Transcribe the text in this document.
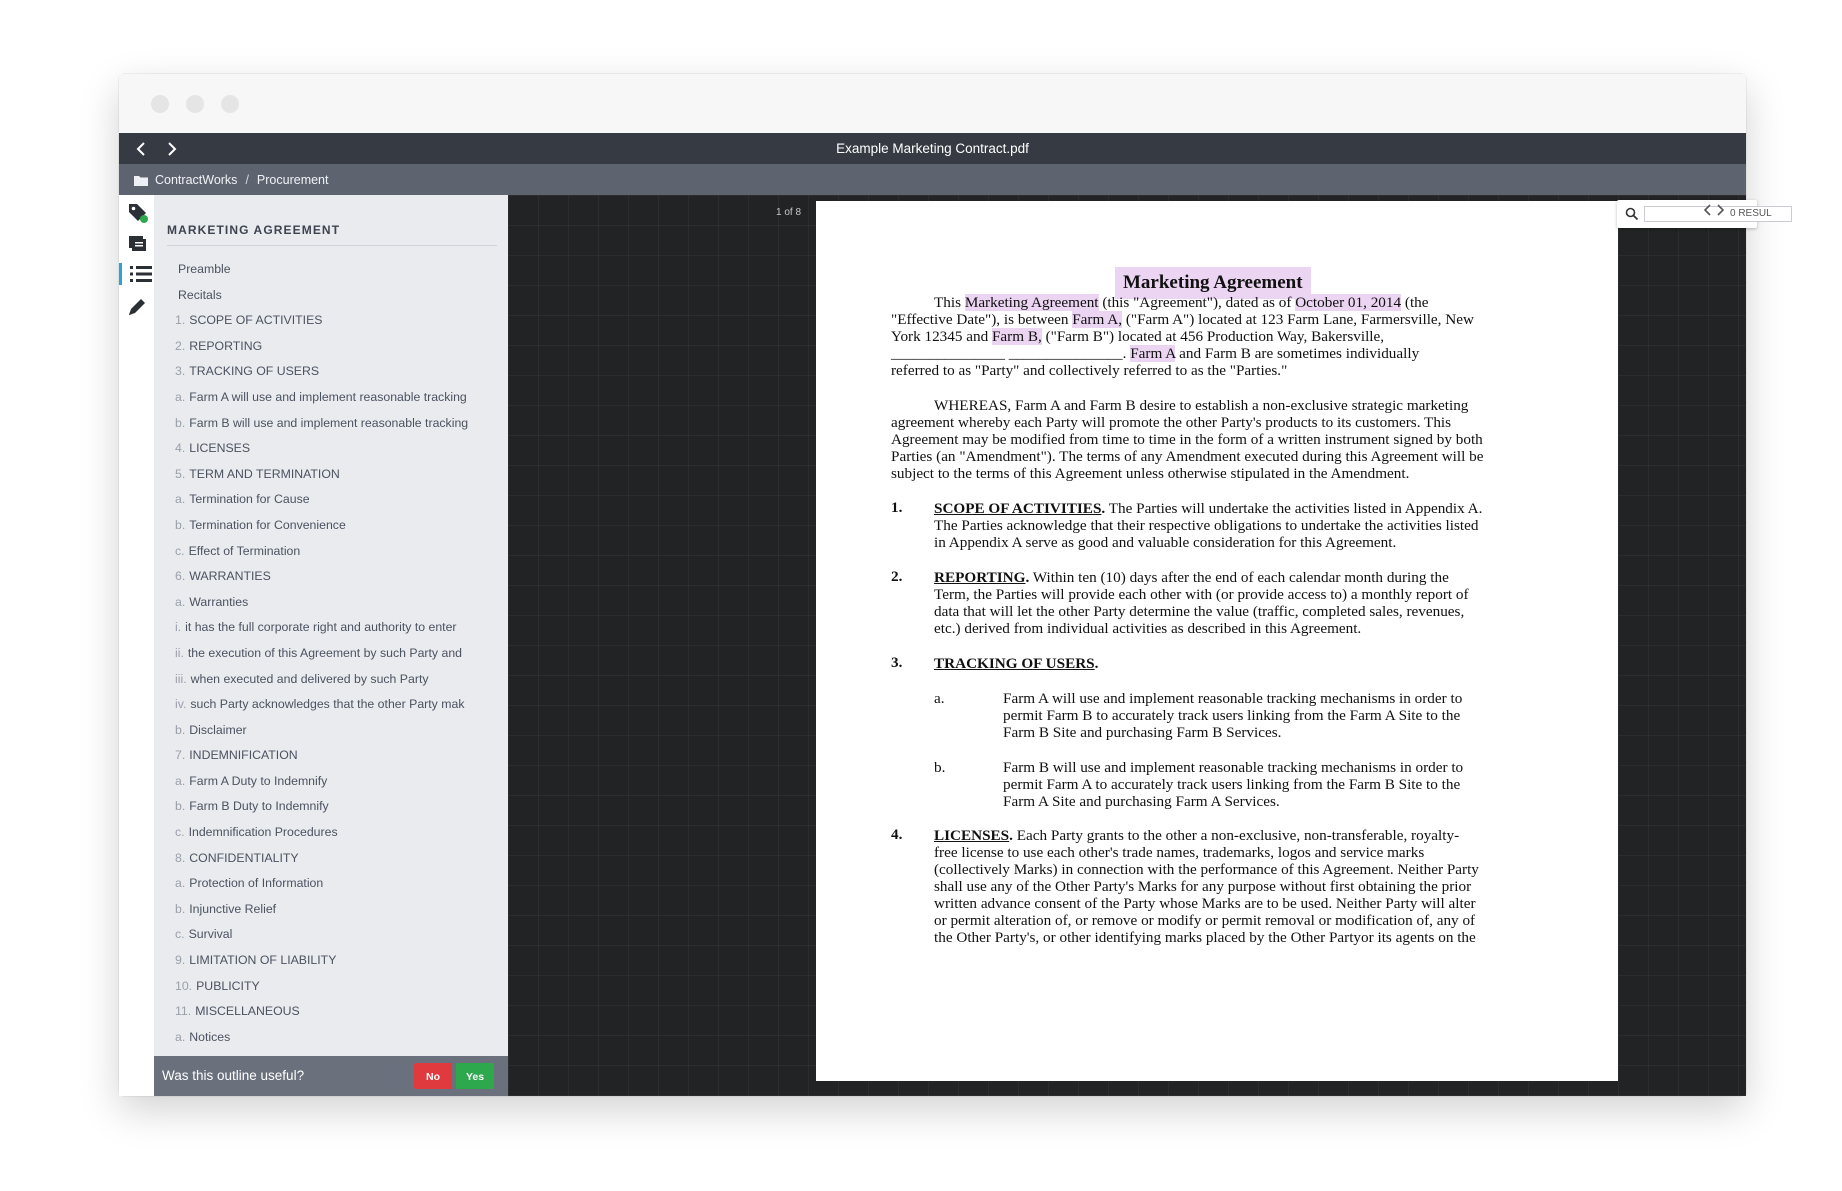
Example Marketing Contract.pdf
ContractWorks / Procurement
MARKETING AGREEMENT
Preamble
Recitals
1. SCOPE OF ACTIVITIES
2. REPORTING
3. TRACKING OF USERS
a. Farm A will use and implement reasonable tracking
b. Farm B will use and implement reasonable tracking
4. LICENSES
5. TERM AND TERMINATION
a. Termination for Cause
b. Termination for Convenience
c. Effect of Termination
6. WARRANTIES
a. Warranties
i. it has the full corporate right and authority to enter
ii. the execution of this Agreement by such Party and
iii. when executed and delivered by such Party
iv. such Party acknowledges that the other Party mak
b. Disclaimer
7. INDEMNIFICATION
a. Farm A Duty to Indemnify
b. Farm B Duty to Indemnify
c. Indemnification Procedures
8. CONFIDENTIALITY
a. Protection of Information
b. Injunctive Relief
c. Survival
9. LIMITATION OF LIABILITY
10. PUBLICITY
11. MISCELLANEOUS
a. Notices
Was this outline useful?	No	Yes
1 of 8
Marketing Agreement
This Marketing Agreement (this "Agreement"), dated as of October 01, 2014 (the
"Effective Date"), is between Farm A, ("Farm A") located at 123 Farm Lane, Farmersville, New
York 12345 and Farm B, ("Farm B") located at 456 Production Way, Bakersville,
_______________ _______________. Farm A and Farm B are sometimes individually
referred to as "Party" and collectively referred to as the "Parties."
WHEREAS, Farm A and Farm B desire to establish a non-exclusive strategic marketing
agreement whereby each Party will promote the other Party's products to its customers. This
Agreement may be modified from time to time in the form of a written instrument signed by both
Parties (an "Amendment"). The terms of any Amendment executed during this Agreement will be
subject to the terms of this Agreement unless otherwise stipulated in the Amendment.
1.
The Parties acknowledge that their respective obligations to undertake the activities listed
in Appendix A serve as good and valuable consideration for this Agreement.
SCOPE OF ACTIVITIES. The Parties will undertake the activities listed in Appendix A.
2.
Term, the Parties will provide each other with (or provide access to) a monthly report of
data that will let the other Party determine the value (traffic, completed sales, revenues,
etc.) derived from individual activities as described in this Agreement.
REPORTING. Within ten (10) days after the end of each calendar month during the
3. TRACKING OF USERS.
a.	Farm A will use and implement reasonable tracking mechanisms in order to
permit Farm B to accurately track users linking from the Farm A Site to the
Farm B Site and purchasing Farm B Services.
b.	Farm B will use and implement reasonable tracking mechanisms in order to
permit Farm A to accurately track users linking from the Farm B Site to the
Farm A Site and purchasing Farm A Services.
4.
free license to use each other's trade names, trademarks, logos and service marks
(collectively Marks) in connection with the performance of this Agreement. Neither Party
shall use any of the Other Party's Marks for any purpose without first obtaining the prior
written advance consent of the Party whose Marks are to be used. Neither Party will alter
or permit alteration of, or remove or modify or permit removal or modification of, any of
the Other Party's, or other identifying marks placed by the Other Partyor its agents on the
LICENSES. Each Party grants to the other a non-exclusive, non-transferable, royalty-
0 RESUL
